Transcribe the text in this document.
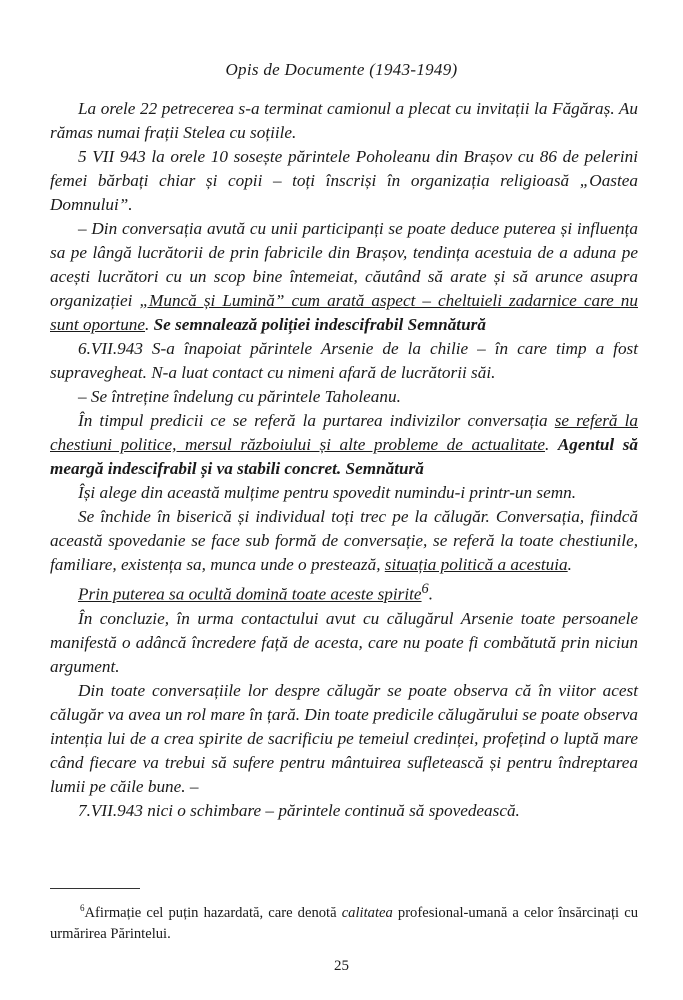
Opis de Documente (1943-1949)

La orele 22 petrecerea s-a terminat camionul a plecat cu invitații la Făgăraș. Au rămas numai frații Stelea cu soțiile.

5 VII 943 la orele 10 sosește părintele Poholeanu din Brașov cu 86 de pelerini femei bărbați chiar și copii – toți înscriși în organizația religioasă „Oastea Domnului”.

– Din conversația avută cu unii participanți se poate deduce puterea și influența sa pe lângă lucrătorii de prin fabricile din Brașov, tendința acestuia de a aduna pe acești lucrători cu un scop bine întemeiat, căutând să arate și să arunce asupra organizației „Muncă și Lumină” cum arată aspect – cheltuieli zadarnice care nu sunt oportune. Se semnalează poliției indescifrabil Semnătură

6.VII.943 S-a înapoiat părintele Arsenie de la chilie – în care timp a fost supravegheat. N-a luat contact cu nimeni afară de lucrătorii săi.

– Se întreține îndelung cu părintele Taholeanu.

În timpul predicii ce se referă la purtarea indivizilor conversația se referă la chestiuni politice, mersul războiului și alte probleme de actualitate. Agentul să meargă indescifrabil și va stabili concret. Semnătură

Își alege din această mulțime pentru spovedit numindu-i printr-un semn.

Se închide în biserică și individual toți trec pe la călugăr. Conversația, fiindcă această spovedanie se face sub formă de conversație, se referă la toate chestiunile, familiare, existența sa, munca unde o prestează, situația politică a acestuia.

Prin puterea sa ocultă domină toate aceste spirite$^6$.

În concluzie, în urma contactului avut cu călugărul Arsenie toate persoanele manifestă o adâncă încredere față de acesta, care nu poate fi combătută prin niciun argument.

Din toate conversațiile lor despre călugăr se poate observa că în viitor acest călugăr va avea un rol mare în țară. Din toate predicile călugărului se poate observa intenția lui de a crea spirite de sacrificiu pe temeiul credinței, profețind o luptă mare când fiecare va trebui să sufere pentru mântuirea sufletească și pentru îndreptarea lumii pe căile bune. –

7.VII.943 nici o schimbare – părintele continuă să spovedească.

$^6$Afirmație cel puțin hazardată, care denotă calitatea profesional-umană a celor însărcinați cu urmărirea Părintelui.
25
